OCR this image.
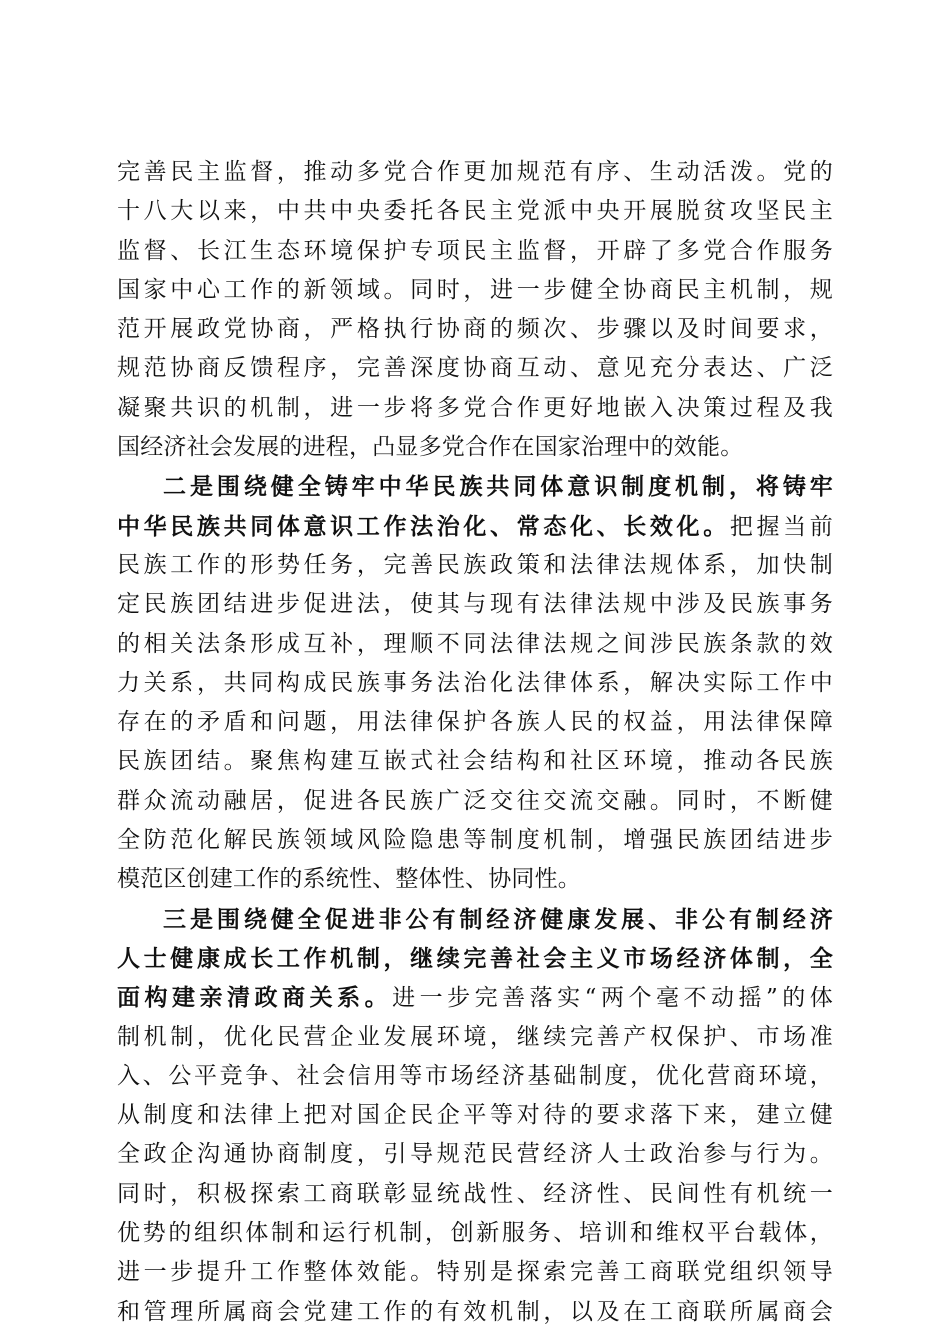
完善民主监督，推动多党合作更加规范有序、生动活泼。党的
十八大以来，中共中央委托各民主党派中央开展脱贫攻坚民主
监督、长江生态环境保护专项民主监督，开辟了多党合作服务
国家中心工作的新领域。同时，进一步健全协商民主机制，规
范开展政党协商，严格执行协商的频次、步骤以及时间要求，
规范协商反馈程序，完善深度协商互动、意见充分表达、广泛
凝聚共识的机制，进一步将多党合作更好地嵌入决策过程及我
国经济社会发展的进程，凸显多党合作在国家治理中的效能。
二是围绕健全铸牢中华民族共同体意识制度机制，将铸牢
中华民族共同体意识工作法治化、常态化、长效化。把握当前
民族工作的形势任务，完善民族政策和法律法规体系，加快制
定民族团结进步促进法，使其与现有法律法规中涉及民族事务
的相关法条形成互补，理顺不同法律法规之间涉民族条款的效
力关系，共同构成民族事务法治化法律体系，解决实际工作中
存在的矛盾和问题，用法律保护各族人民的权益，用法律保障
民族团结。聚焦构建互嵌式社会结构和社区环境，推动各民族
群众流动融居，促进各民族广泛交往交流交融。同时，不断健
全防范化解民族领域风险隐患等制度机制，增强民族团结进步
模范区创建工作的系统性、整体性、协同性。
三是围绕健全促进非公有制经济健康发展、非公有制经济
人士健康成长工作机制，继续完善社会主义市场经济体制，全
面构建亲清政商关系。进一步完善落实“两个毫不动摇”的体
制机制，优化民营企业发展环境，继续完善产权保护、市场准
入、公平竞争、社会信用等市场经济基础制度，优化营商环境，
从制度和法律上把对国企民企平等对待的要求落下来，建立健
全政企沟通协商制度，引导规范民营经济人士政治参与行为。
同时，积极探索工商联彰显统战性、经济性、民间性有机统一
优势的组织体制和运行机制，创新服务、培训和维权平台载体，
进一步提升工作整体效能。特别是探索完善工商联党组织领导
和管理所属商会党建工作的有效机制，以及在工商联所属商会
